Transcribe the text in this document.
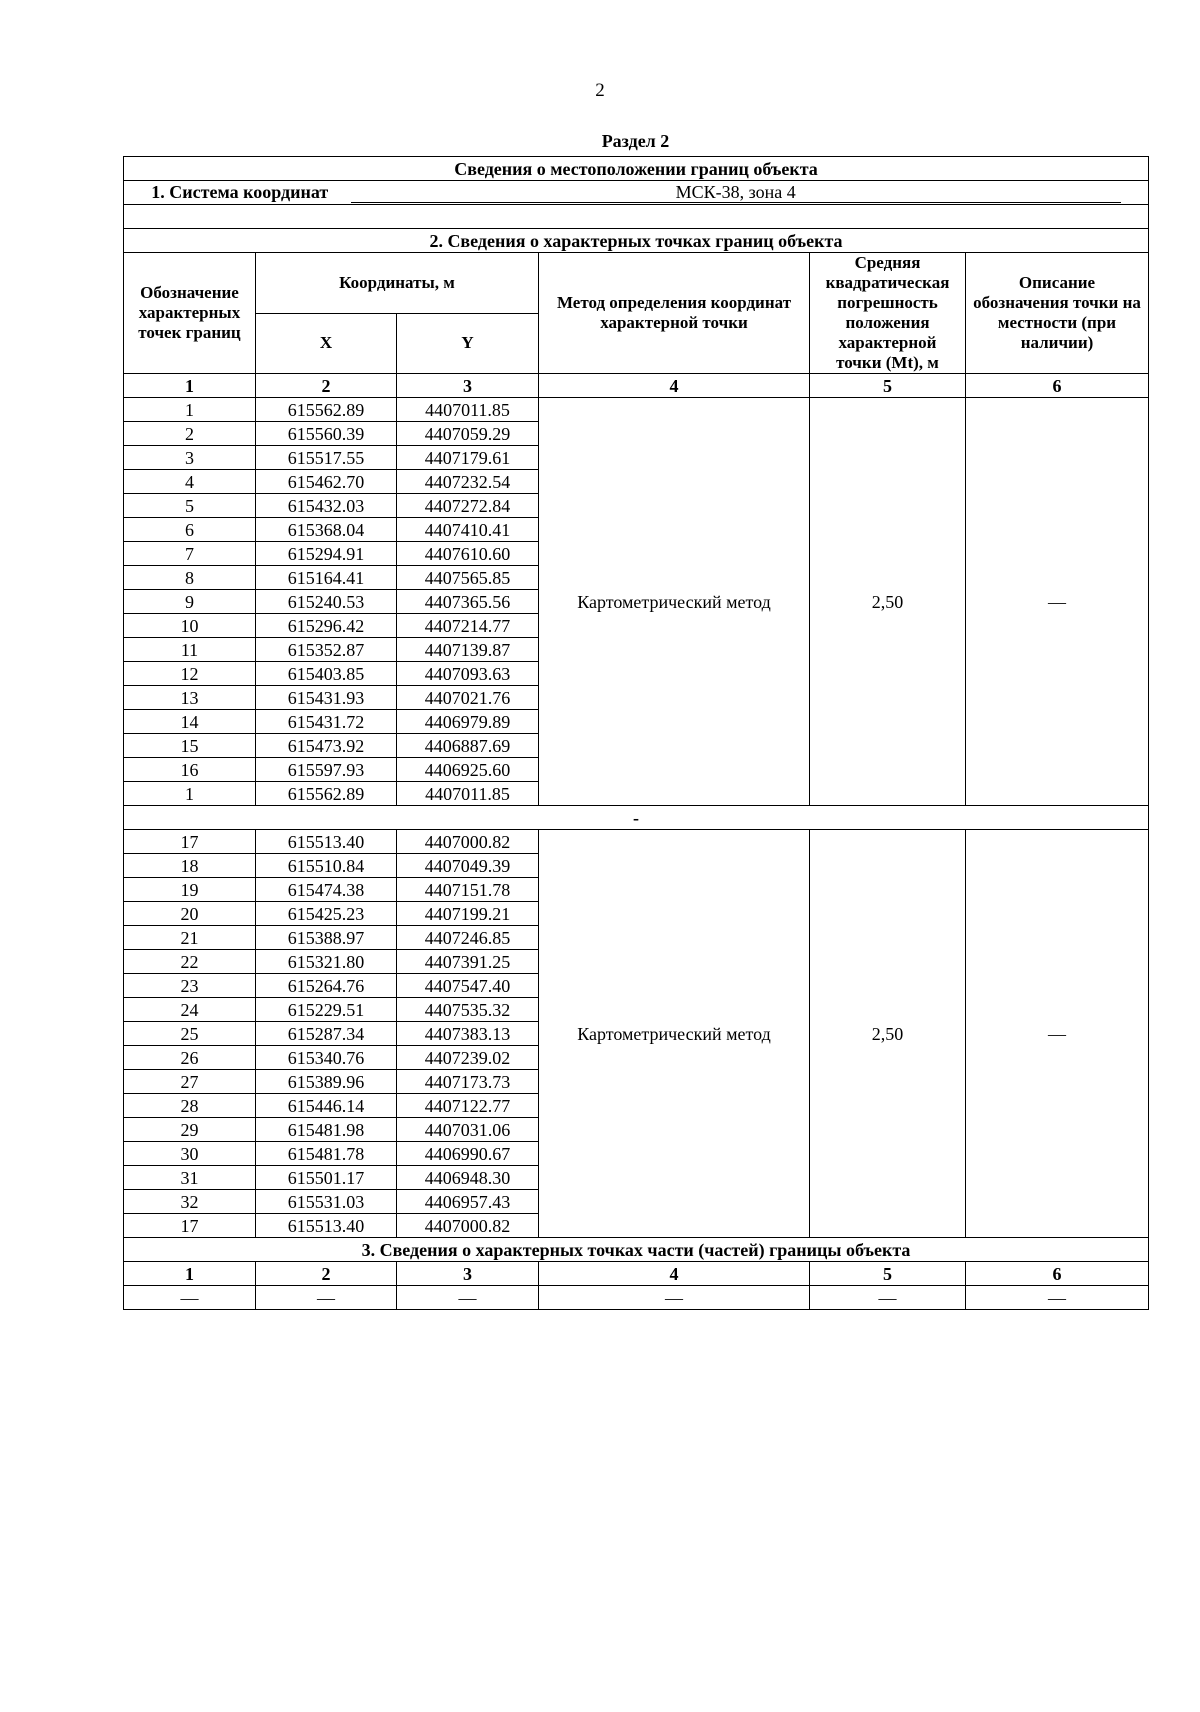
2
Раздел 2
Сведения о местоположении границ объекта					
1. Система координат МСК-38, зона 4					

2. Сведения о характерных точках границ объекта					
Обозначение характерных точек границ	Координаты, м		Метод определения координат характерной точки	Средняя квадратическая погрешность положения характерной точки (Mt), м	Описание обозначения точки на местности (при наличии)
	X	Y			
1	2	3	4	5	6
1	615562.89	4407011.85	Картометрический метод	2,50	—
2	615560.39	4407059.29			
3	615517.55	4407179.61			
4	615462.70	4407232.54			
5	615432.03	4407272.84			
6	615368.04	4407410.41			
7	615294.91	4407610.60			
8	615164.41	4407565.85			
9	615240.53	4407365.56			
10	615296.42	4407214.77			
11	615352.87	4407139.87			
12	615403.85	4407093.63			
13	615431.93	4407021.76			
14	615431.72	4406979.89			
15	615473.92	4406887.69			
16	615597.93	4406925.60			
1	615562.89	4407011.85			
-					
17	615513.40	4407000.82	Картометрический метод	2,50	—
18	615510.84	4407049.39			
19	615474.38	4407151.78			
20	615425.23	4407199.21			
21	615388.97	4407246.85			
22	615321.80	4407391.25			
23	615264.76	4407547.40			
24	615229.51	4407535.32			
25	615287.34	4407383.13			
26	615340.76	4407239.02			
27	615389.96	4407173.73			
28	615446.14	4407122.77			
29	615481.98	4407031.06			
30	615481.78	4406990.67			
31	615501.17	4406948.30			
32	615531.03	4406957.43			
17	615513.40	4407000.82			
3. Сведения о характерных точках части (частей) границы объекта					
1	2	3	4	5	6
—	—	—	—	—	—
